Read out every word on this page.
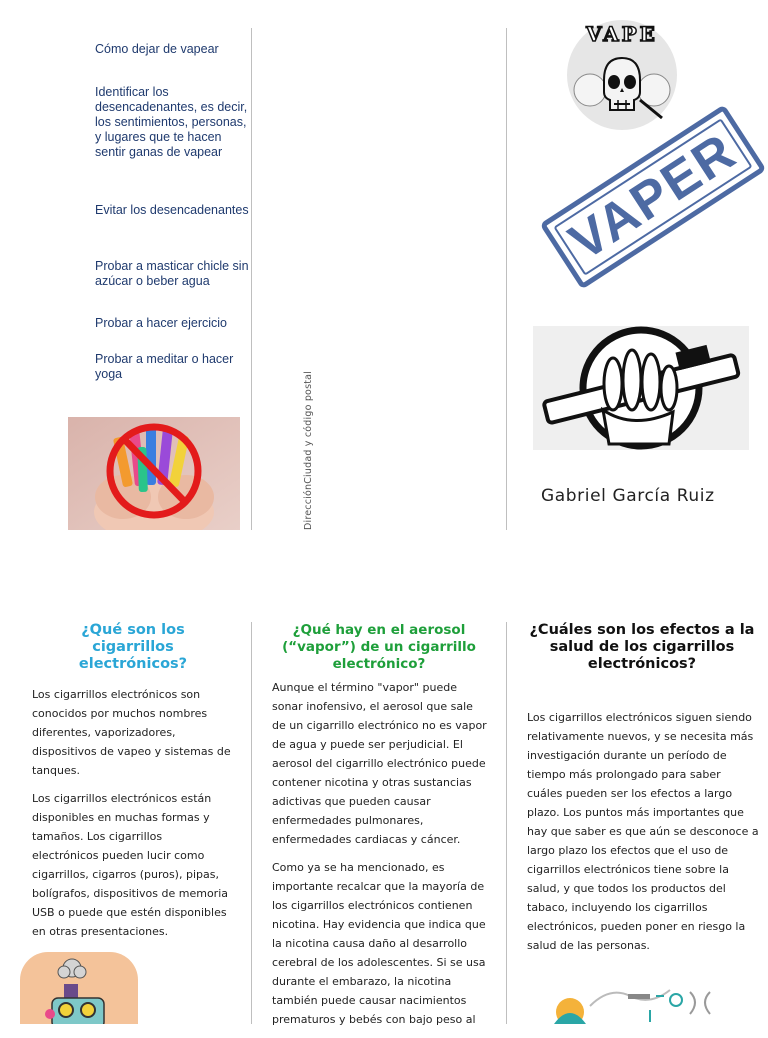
Cómo dejar de vapear
Identificar los desencadenantes, es decir, los sentimientos, personas, y lugares que te hacen sentir ganas de vapear
Evitar los desencadenantes
Probar a masticar chicle sin azúcar o beber agua
Probar a hacer ejercicio
Probar a meditar o hacer yoga	DirecciónCiudad y código postal
VAPE
VAPER
Gabriel García Ruiz
¿Qué son los cigarrillos electrónicos?

Los cigarrillos electrónicos son conocidos por muchos nombres diferentes, vaporizadores, dispositivos de vapeo y sistemas de tanques.

Los cigarrillos electrónicos están disponibles en muchas formas y tamaños. Los cigarrillos electrónicos pueden lucir como cigarrillos, cigarros (puros), pipas, bolígrafos, dispositivos de memoria USB o puede que estén disponibles en otras presentaciones.

¿Qué hay en el aerosol (“vapor”) de un cigarrillo electrónico?

Aunque el término "vapor" puede sonar inofensivo, el aerosol que sale de un cigarrillo electrónico no es vapor de agua y puede ser perjudicial. El aerosol del cigarrillo electrónico puede contener nicotina y otras sustancias adictivas que pueden causar enfermedades pulmonares, enfermedades cardiacas y cáncer.

Como ya se ha mencionado, es importante recalcar que la mayoría de los cigarrillos electrónicos contienen nicotina. Hay evidencia que indica que la nicotina causa daño al desarrollo cerebral de los adolescentes. Si se usa durante el embarazo, la nicotina también puede causar nacimientos prematuros y bebés con bajo peso al

¿Cuáles son los efectos a la salud de los cigarrillos electrónicos?

Los cigarrillos electrónicos siguen siendo relativamente nuevos, y se necesita más investigación durante un período de tiempo más prolongado para saber cuáles pueden ser los efectos a largo plazo. Los puntos más importantes que hay que saber es que aún se desconoce a largo plazo los efectos que el uso de cigarrillos electrónicos tiene sobre la salud, y que todos los productos del tabaco, incluyendo los cigarrillos electrónicos, pueden poner en riesgo la salud de las personas.
